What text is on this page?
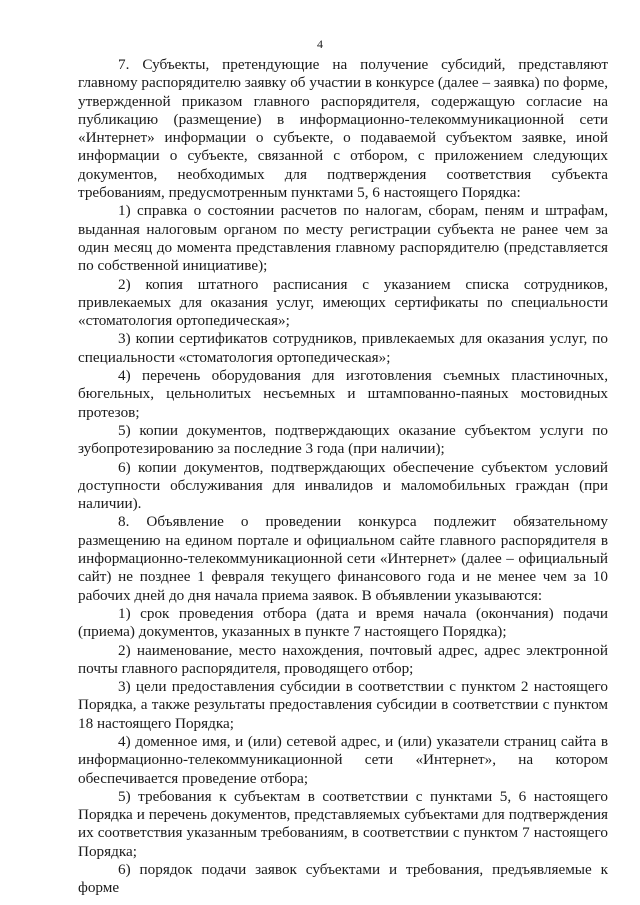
4

7. Субъекты, претендующие на получение субсидий, представляют главному распорядителю заявку об участии в конкурсе (далее – заявка) по форме, утвержденной приказом главного распорядителя, содержащую согласие на публикацию (размещение) в информационно-телекоммуникационной сети «Интернет» информации о субъекте, о подаваемой субъектом заявке, иной информации о субъекте, связанной с отбором, с приложением следующих документов, необходимых для подтверждения соответствия субъекта требованиям, предусмотренным пунктами 5, 6 настоящего Порядка:

1) справка о состоянии расчетов по налогам, сборам, пеням и штрафам, выданная налоговым органом по месту регистрации субъекта не ранее чем за один месяц до момента представления главному распорядителю (представляется по собственной инициативе);

2) копия штатного расписания с указанием списка сотрудников, привлекаемых для оказания услуг, имеющих сертификаты по специальности «стоматология ортопедическая»;

3) копии сертификатов сотрудников, привлекаемых для оказания услуг, по специальности «стоматология ортопедическая»;

4) перечень оборудования для изготовления съемных пластиночных, бюгельных, цельнолитых несъемных и штампованно-паяных мостовидных протезов;

5) копии документов, подтверждающих оказание субъектом услуги по зубопротезированию за последние 3 года (при наличии);

6) копии документов, подтверждающих обеспечение субъектом условий доступности обслуживания для инвалидов и маломобильных граждан (при наличии).

8. Объявление о проведении конкурса подлежит обязательному размещению на едином портале и официальном сайте главного распорядителя в информационно-телекоммуникационной сети «Интернет» (далее – официальный сайт) не позднее 1 февраля текущего финансового года и не менее чем за 10 рабочих дней до дня начала приема заявок. В объявлении указываются:

1) срок проведения отбора (дата и время начала (окончания) подачи (приема) документов, указанных в пункте 7 настоящего Порядка);

2) наименование, место нахождения, почтовый адрес, адрес электронной почты главного распорядителя, проводящего отбор;

3) цели предоставления субсидии в соответствии с пунктом 2 настоящего Порядка, а также результаты предоставления субсидии в соответствии с пунктом 18 настоящего Порядка;

4) доменное имя, и (или) сетевой адрес, и (или) указатели страниц сайта в информационно-телекоммуникационной сети «Интернет», на котором обеспечивается проведение отбора;

5) требования к субъектам в соответствии с пунктами 5, 6 настоящего Порядка и перечень документов, представляемых субъектами для подтверждения их соответствия указанным требованиям, в соответствии с пунктом 7 настоящего Порядка;

6) порядок подачи заявок субъектами и требования, предъявляемые к форме
